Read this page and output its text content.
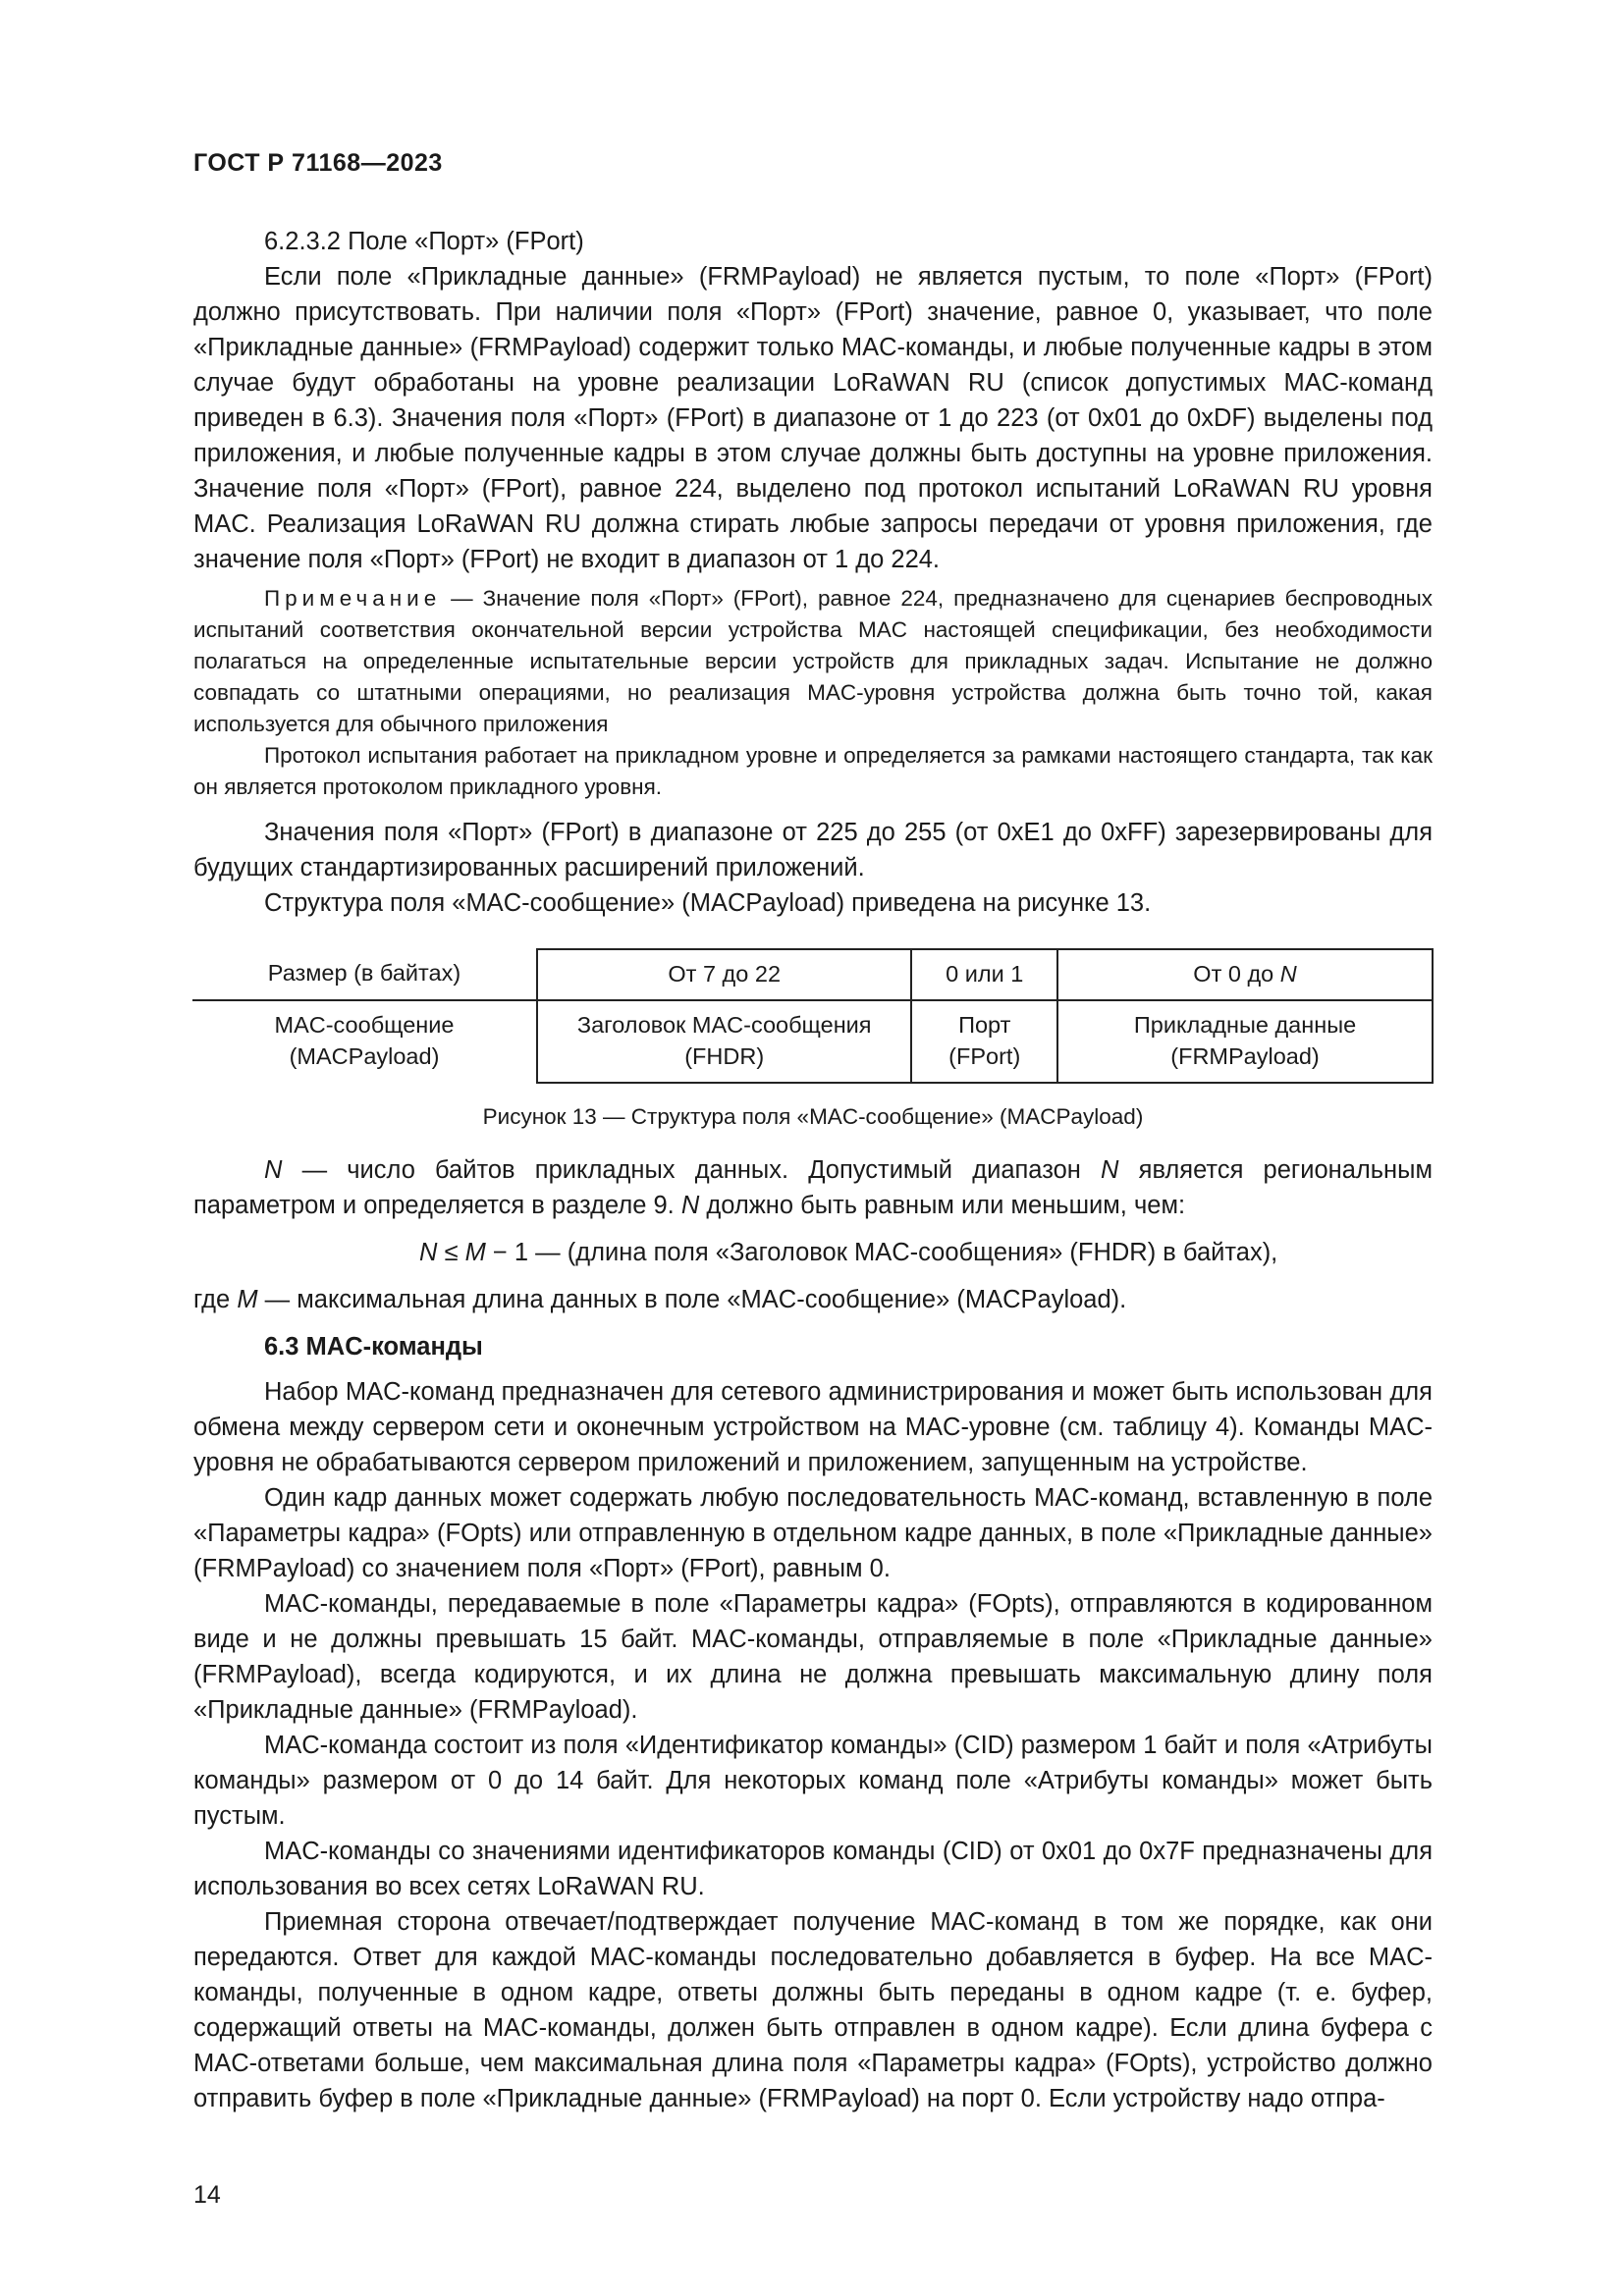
ГОСТ Р 71168—2023

6.2.3.2 Поле «Порт» (FPort)

Если поле «Прикладные данные» (FRMPayload) не является пустым, то поле «Порт» (FPort) должно присутствовать. При наличии поля «Порт» (FPort) значение, равное 0, указывает, что поле «Прикладные данные» (FRMPayload) содержит только MAC-команды, и любые полученные кадры в этом случае будут обработаны на уровне реализации LoRaWAN RU (список допустимых MAC-команд приведен в 6.3). Значения поля «Порт» (FPort) в диапазоне от 1 до 223 (от 0x01 до 0xDF) выделены под приложения, и любые полученные кадры в этом случае должны быть доступны на уровне приложения. Значение поля «Порт» (FPort), равное 224, выделено под протокол испытаний LoRaWAN RU уровня MAC. Реализация LoRaWAN RU должна стирать любые запросы передачи от уровня приложения, где значение поля «Порт» (FPort) не входит в диапазон от 1 до 224.

Примечание — Значение поля «Порт» (FPort), равное 224, предназначено для сценариев беспроводных испытаний соответствия окончательной версии устройства MAC настоящей спецификации, без необходимости полагаться на определенные испытательные версии устройств для прикладных задач. Испытание не должно совпадать со штатными операциями, но реализация MAC-уровня устройства должна быть точно той, какая используется для обычного приложения

Протокол испытания работает на прикладном уровне и определяется за рамками настоящего стандарта, так как он является протоколом прикладного уровня.

Значения поля «Порт» (FPort) в диапазоне от 225 до 255 (от 0xE1 до 0xFF) зарезервированы для будущих стандартизированных расширений приложений.

Структура поля «MAC-сообщение» (MACPayload) приведена на рисунке 13.

Размер (в байтах)	От 7 до 22	0 или 1	От 0 до N
MAC-сообщение (MACPayload)	Заголовок MAC-сообщения (FHDR)	Порт (FPort)	Прикладные данные (FRMPayload)
Рисунок 13 — Структура поля «MAC-сообщение» (MACPayload)

N — число байтов прикладных данных. Допустимый диапазон N является региональным параметром и определяется в разделе 9. N должно быть равным или меньшим, чем:

N ≤ M − 1 — (длина поля «Заголовок MAC-сообщения» (FHDR) в байтах),

где M — максимальная длина данных в поле «MAC-сообщение» (MACPayload).

6.3 MAC-команды

Набор MAC-команд предназначен для сетевого администрирования и может быть использован для обмена между сервером сети и оконечным устройством на MAC-уровне (см. таблицу 4). Команды MAC-уровня не обрабатываются сервером приложений и приложением, запущенным на устройстве.

Один кадр данных может содержать любую последовательность MAC-команд, вставленную в поле «Параметры кадра» (FOpts) или отправленную в отдельном кадре данных, в поле «Прикладные данные» (FRMPayload) со значением поля «Порт» (FPort), равным 0.

MAC-команды, передаваемые в поле «Параметры кадра» (FOpts), отправляются в кодированном виде и не должны превышать 15 байт. MAC-команды, отправляемые в поле «Прикладные данные» (FRMPayload), всегда кодируются, и их длина не должна превышать максимальную длину поля «Прикладные данные» (FRMPayload).

MAC-команда состоит из поля «Идентификатор команды» (CID) размером 1 байт и поля «Атрибуты команды» размером от 0 до 14 байт. Для некоторых команд поле «Атрибуты команды» может быть пустым.

MAC-команды со значениями идентификаторов команды (CID) от 0x01 до 0x7F предназначены для использования во всех сетях LoRaWAN RU.

Приемная сторона отвечает/подтверждает получение MAC-команд в том же порядке, как они передаются. Ответ для каждой MAC-команды последовательно добавляется в буфер. На все MAC-команды, полученные в одном кадре, ответы должны быть переданы в одном кадре (т. е. буфер, содержащий ответы на MAC-команды, должен быть отправлен в одном кадре). Если длина буфера с MAC-ответами больше, чем максимальная длина поля «Параметры кадра» (FOpts), устройство должно отправить буфер в поле «Прикладные данные» (FRMPayload) на порт 0. Если устройству надо отпра-

14
